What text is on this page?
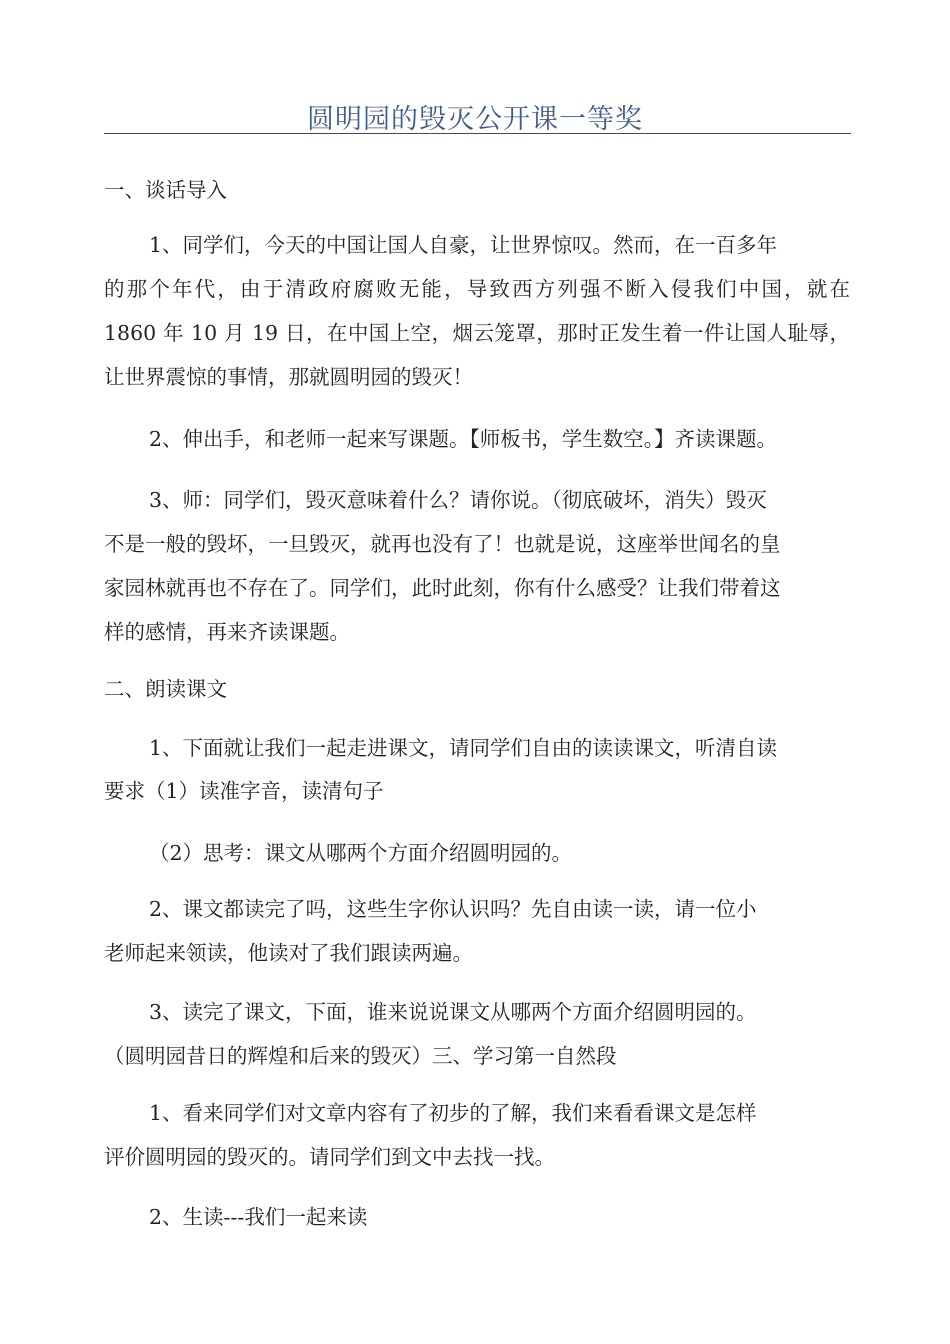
圆明园的毁灭公开课一等奖
一、谈话导入
1、同学们，今天的中国让国人自豪，让世界惊叹。然而，在一百多年
的那个年代，由于清政府腐败无能，导致西方列强不断入侵我们中国，就在
1860 年 10 月 19 日，在中国上空，烟云笼罩，那时正发生着一件让国人耻辱，
让世界震惊的事情，那就圆明园的毁灭！
2、伸出手，和老师一起来写课题。【师板书，学生数空。】齐读课题。
3、师：同学们，毁灭意味着什么？请你说。（彻底破坏，消失）毁灭
不是一般的毁坏，一旦毁灭，就再也没有了！也就是说，这座举世闻名的皇
家园林就再也不存在了。同学们，此时此刻，你有什么感受？让我们带着这
样的感情，再来齐读课题。
二、朗读课文
1、下面就让我们一起走进课文，请同学们自由的读读课文，听清自读
要求（1）读准字音，读清句子
（2）思考：课文从哪两个方面介绍圆明园的。
2、课文都读完了吗，这些生字你认识吗？先自由读一读，请一位小
老师起来领读，他读对了我们跟读两遍。
3、读完了课文，下面，谁来说说课文从哪两个方面介绍圆明园的。
（圆明园昔日的辉煌和后来的毁灭）三、学习第一自然段
1、看来同学们对文章内容有了初步的了解，我们来看看课文是怎样
评价圆明园的毁灭的。请同学们到文中去找一找。
2、生读---我们一起来读
